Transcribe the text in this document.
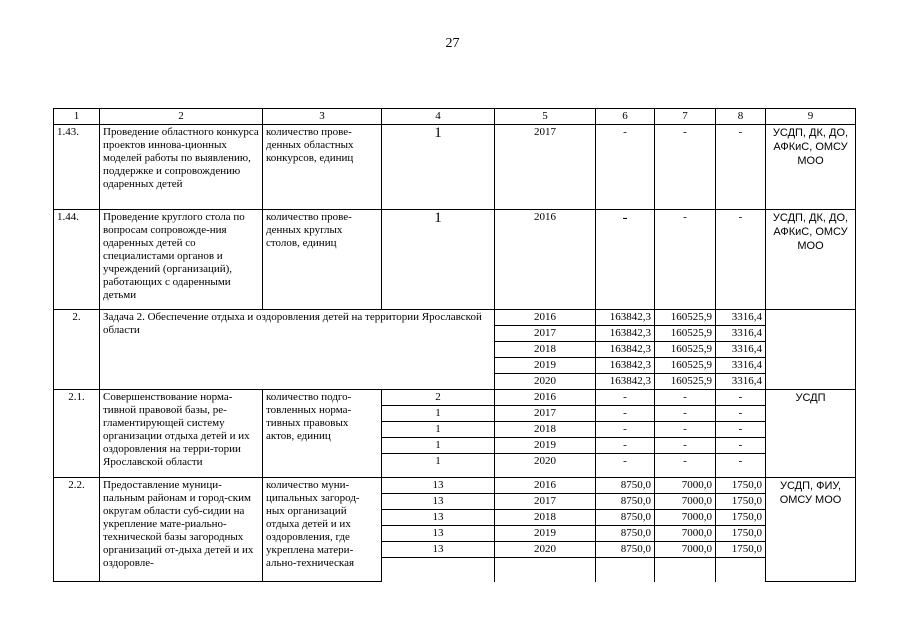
27
1	2	3	4	5	6	7	8	9
1.43.	Проведение областного конкурса проектов иннова-ционных моделей работы по выявлению, поддержке и сопровождению одаренных детей	количество прове-денных областных конкурсов, единиц	1	2017	-	-	-	УСДП, ДК, ДО, АФКиС, ОМСУ МОО
1.44.	Проведение круглого стола по вопросам сопровожде-ния одаренных детей со специалистами органов и учреждений (организаций), работающих с одаренными детьми	количество прове-денных круглых столов, единиц	1	2016	-	-	-	УСДП, ДК, ДО, АФКиС, ОМСУ МОО
2.	Задача 2. Обеспечение отдыха и оздоровления детей на территории Ярославской области			2016	163842,3	160525,9	3316,4	
				2017	163842,3	160525,9	3316,4	
				2018	163842,3	160525,9	3316,4	
				2019	163842,3	160525,9	3316,4	
				2020	163842,3	160525,9	3316,4	
2.1.	Совершенствование норма-тивной правовой базы, ре-гламентирующей систему организации отдыха детей и их оздоровления на терри-тории Ярославской области	количество подго-товленных норма-тивных правовых актов, единиц	2	2016	-	-	-	УСДП
			1	2017	-	-	-	
			1	2018	-	-	-	
			1	2019	-	-	-	
			1	2020	-	-	-	
2.2.	Предоставление муници-пальным районам и город-ским округам области суб-сидии на укрепление мате-риально-технической базы загородных организаций от-дыха детей и их оздоровле-	количество муни-ципальных загород-ных организаций отдыха детей и их оздоровления, где укреплена матери-ально-техническая	13	2016	8750,0	7000,0	1750,0	УСДП, ФИУ, ОМСУ МОО
			13	2017	8750,0	7000,0	1750,0	
			13	2018	8750,0	7000,0	1750,0	
			13	2019	8750,0	7000,0	1750,0	
			13	2020	8750,0	7000,0	1750,0	
